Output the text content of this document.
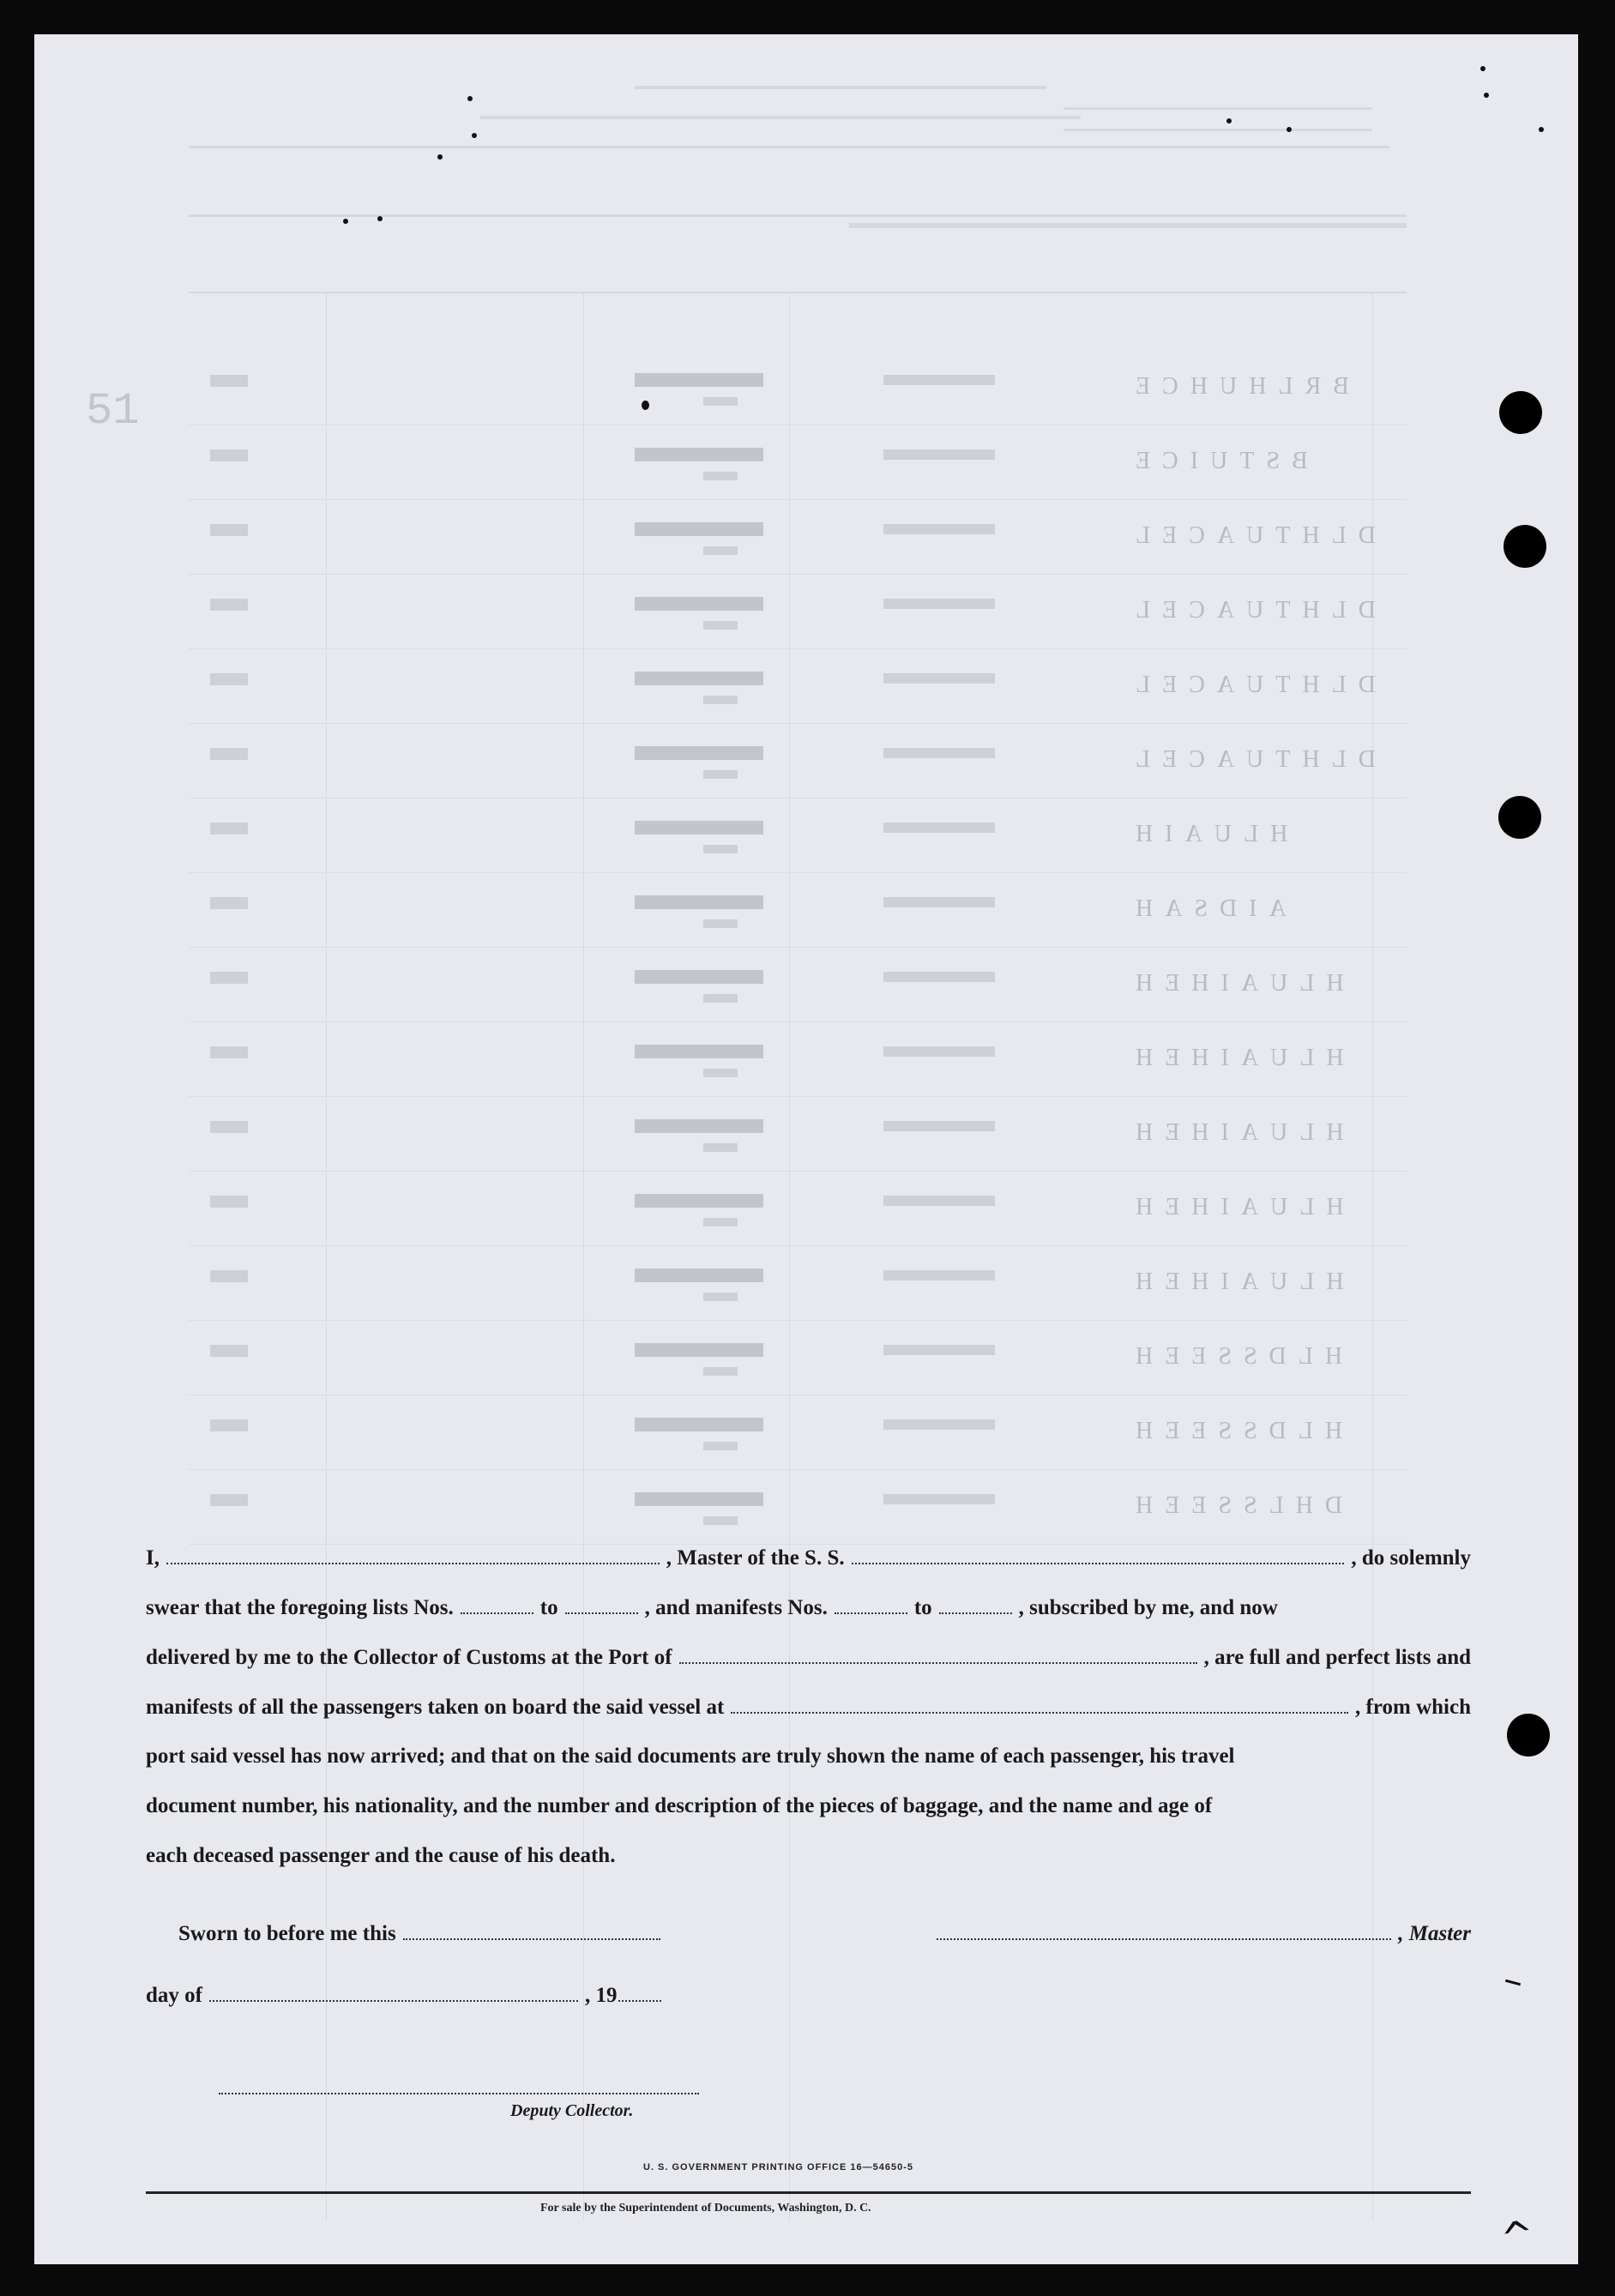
51	BRLHUHCE
BSTUICE
DLHTUACEL
DLHTUACEL
DLHTUACEL
DLHTUACEL
HLUAIH
AIDSAH
HLUAIHEH
HLUAIHEH
HLUAIHEH
HLUAIHEH
HLUAIHEH
HLDSSEEH
HLDSSEEH
DHLSSEEH
I,	, Master of the S. S.	, do solemnly
swear that the foregoing lists Nos.	to	, and manifests Nos.	to	, subscribed by me, and now
delivered by me to the Collector of Customs at the Port of	, are full and perfect lists and
manifests of all the passengers taken on board the said vessel at	, from which
port said vessel has now arrived; and that on the said documents are truly shown the name of each passenger, his travel
document number, his nationality, and the number and description of the pieces of baggage, and the name and age of
each deceased passenger and the cause of his death.
Sworn to before me this	, Master
day of	, 19
Deputy Collector.
U. S. GOVERNMENT PRINTING OFFICE 16—54650-5
For sale by the Superintendent of Documents, Washington, D. C.
^
